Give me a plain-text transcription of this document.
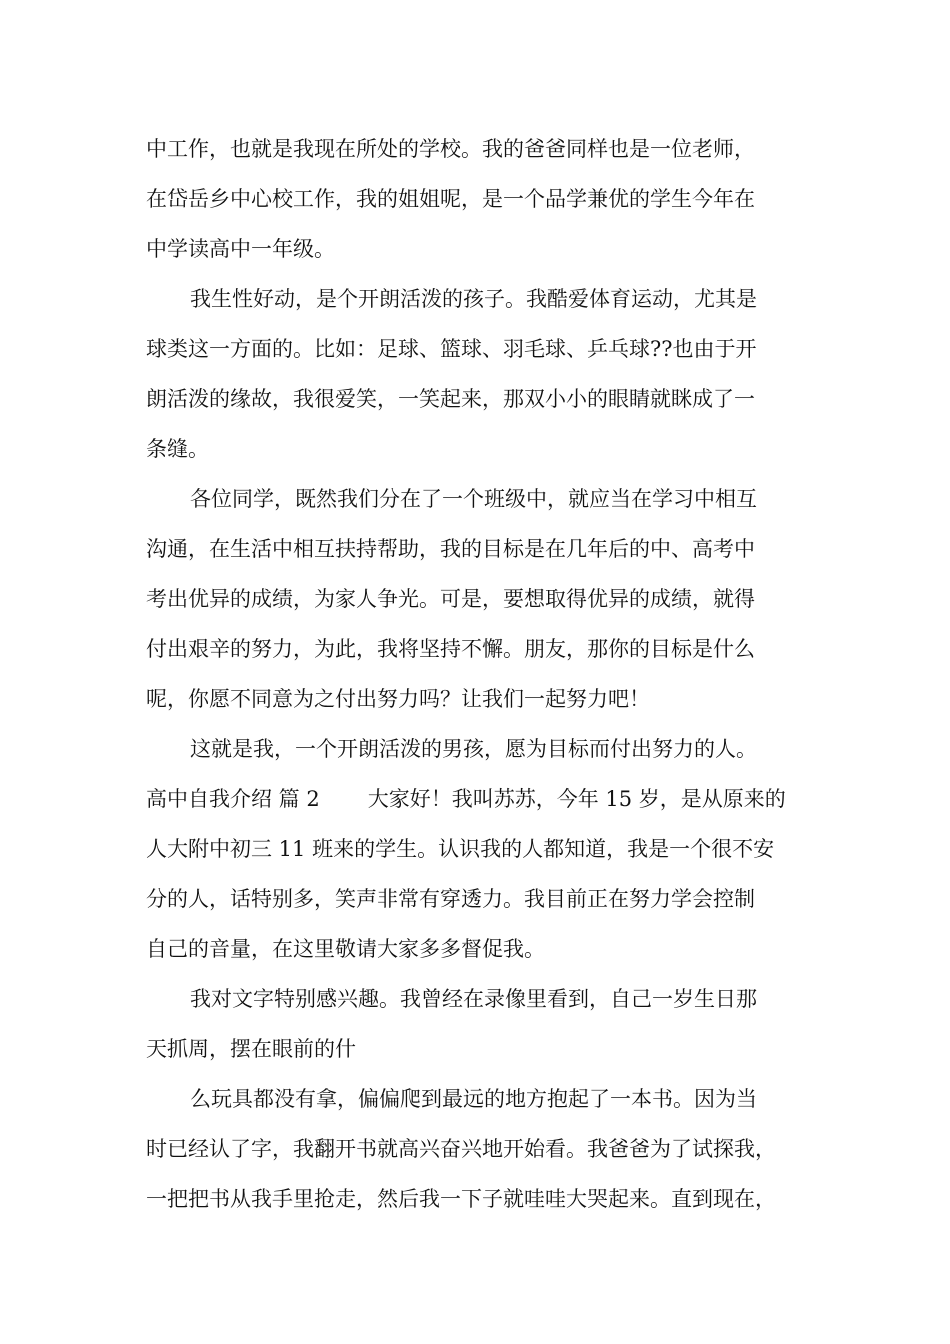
中工作，也就是我现在所处的学校。我的爸爸同样也是一位老师，
在岱岳乡中心校工作，我的姐姐呢，是一个品学兼优的学生今年在
中学读高中一年级。
我生性好动，是个开朗活泼的孩子。我酷爱体育运动，尤其是
球类这一方面的。比如：足球、篮球、羽毛球、乒乓球??也由于开
朗活泼的缘故，我很爱笑，一笑起来，那双小小的眼睛就眯成了一
条缝。
各位同学，既然我们分在了一个班级中，就应当在学习中相互
沟通，在生活中相互扶持帮助，我的目标是在几年后的中、高考中
考出优异的成绩，为家人争光。可是，要想取得优异的成绩，就得
付出艰辛的努力，为此，我将坚持不懈。朋友，那你的目标是什么
呢，你愿不同意为之付出努力吗？让我们一起努力吧！
这就是我，一个开朗活泼的男孩，愿为目标而付出努力的人。
高中自我介绍 篇 2 大家好！我叫苏苏，今年 15 岁，是从原来的
人大附中初三 11 班来的学生。认识我的人都知道，我是一个很不安
分的人，话特别多，笑声非常有穿透力。我目前正在努力学会控制
自己的音量，在这里敬请大家多多督促我。
我对文字特别感兴趣。我曾经在录像里看到，自己一岁生日那
天抓周，摆在眼前的什
么玩具都没有拿，偏偏爬到最远的地方抱起了一本书。因为当
时已经认了字，我翻开书就高兴奋兴地开始看。我爸爸为了试探我，
一把把书从我手里抢走，然后我一下子就哇哇大哭起来。直到现在，
